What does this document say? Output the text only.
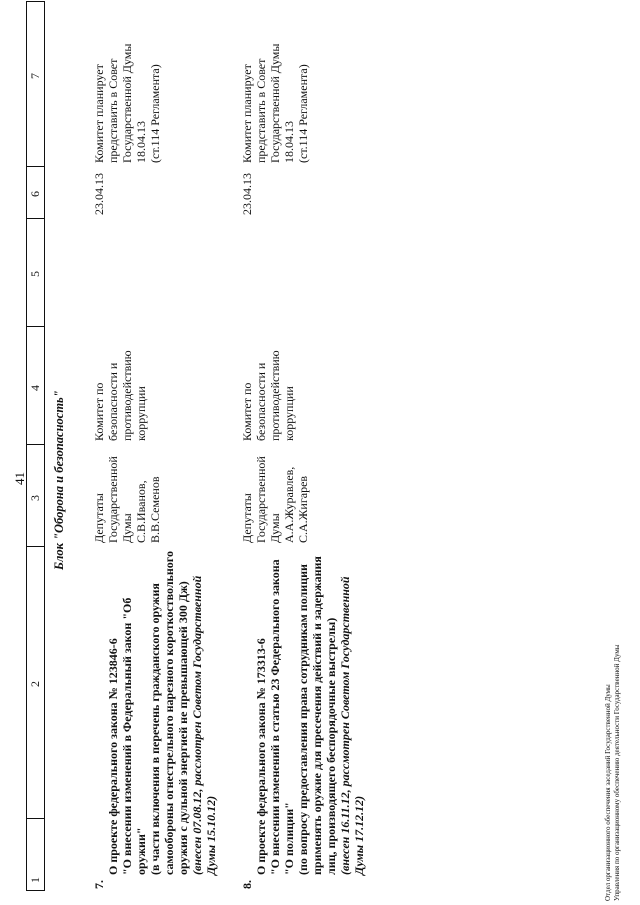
41
1
2
3
4
5
6
7
Блок "Оборона и безопасность"
7.

О проекте федерального закона № 123846-6
"О внесении изменений в Федеральный закон "Об оружии"
(в части включения в перечень гражданского оружия самообороны огнестрельного нарезного короткоствольного оружия с дульной энергией не превышающей 300 Дж) (внесен 07.08.12, рассмотрен Советом Государственной Думы 15.10.12)

Депутаты Государственной Думы
С.В.Иванов,
В.В.Семенов
Комитет по безопасности и противодействию коррупции
23.04.13
Комитет планирует представить в Совет Государственной Думы 18.04.13
(ст.114 Регламента)
8.

О проекте федерального закона № 173313-6
"О внесении изменений в статью 23 Федерального закона "О полиции"
(по вопросу предоставления права сотрудникам полиции применять оружие для пресечения действий и задержания лиц, производящего беспорядочные выстрелы) (внесен 16.11.12, рассмотрен Советом Государственной Думы 17.12.12)

Депутаты Государственной Думы
А.А.Журавлев,
С.А.Жигарев
Комитет по безопасности и противодействию коррупции
23.04.13
Комитет планирует представить в Совет Государственной Думы 18.04.13
(ст.114 Регламента)
Отдел организационного обеспечения заседаний Государственной Думы Управления по организационному обеспечению деятельности Государственной Думы
